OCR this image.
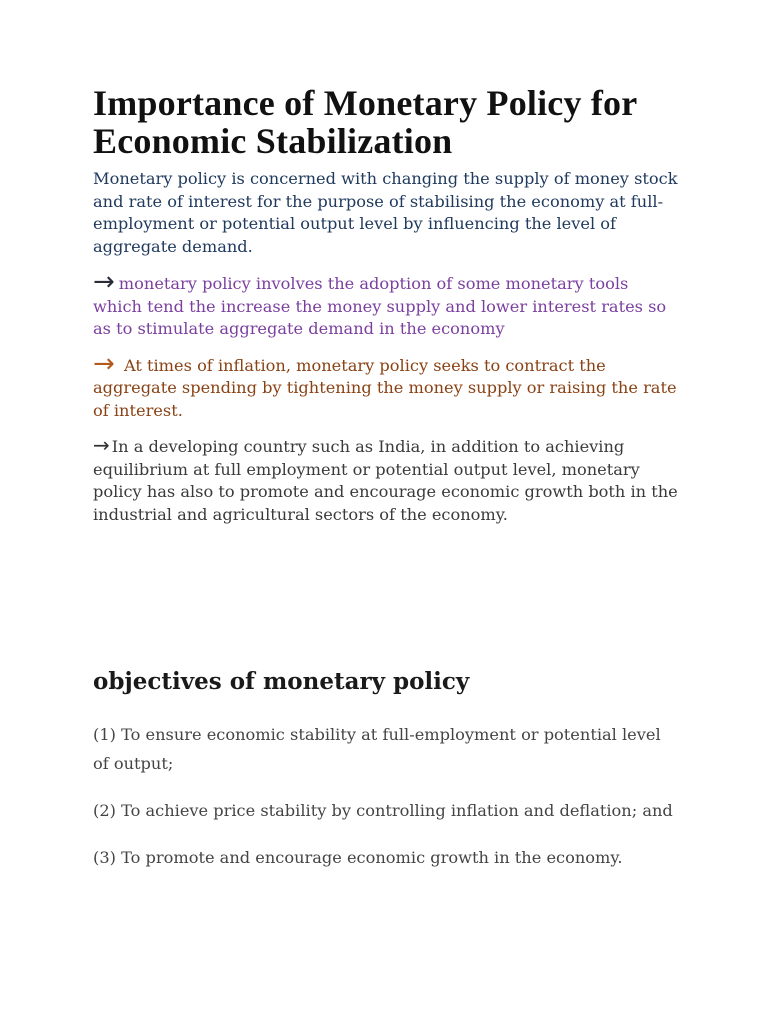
Importance of Monetary Policy for Economic Stabilization

Monetary policy is concerned with changing the supply of money stock and rate of interest for the purpose of stabilising the economy at full-employment or potential output level by influencing the level of aggregate demand.

→ monetary policy involves the adoption of some monetary tools which tend the increase the money supply and lower interest rates so as to stimulate aggregate demand in the economy

→ At times of inflation, monetary policy seeks to contract the aggregate spending by tightening the money supply or raising the rate of interest.

→ In a developing country such as India, in addition to achieving equilibrium at full employment or potential output level, monetary policy has also to promote and encourage economic growth both in the industrial and agricultural sectors of the economy.

objectives of monetary policy
(1) To ensure economic stability at full-employment or potential level of output;
(2) To achieve price stability by controlling inflation and deflation; and
(3) To promote and encourage economic growth in the economy.
